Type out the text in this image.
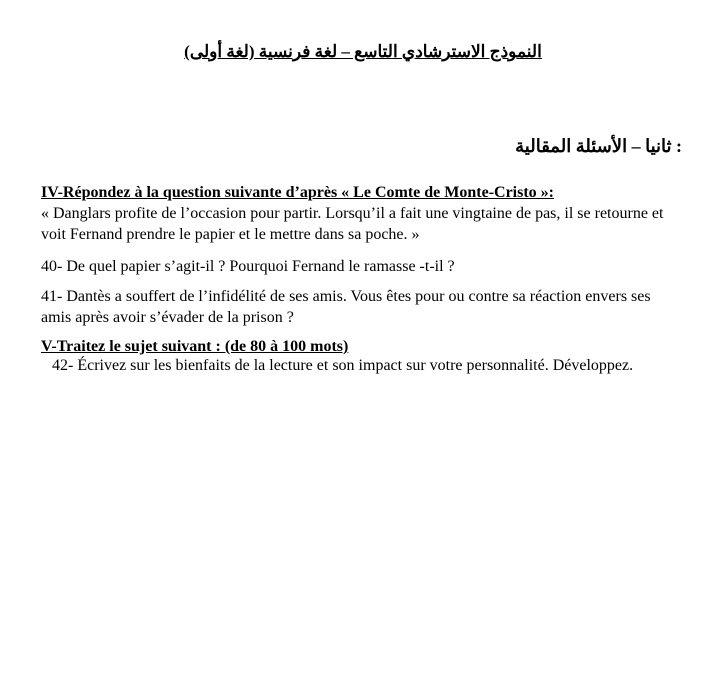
النموذج الاسترشادي التاسع – لغة فرنسية (لغة أولى)
: ثانيا – الأسئلة المقالية
IV-Répondez à la question suivante d’après « Le Comte de Monte-Cristo »:
« Danglars profite de l’occasion pour partir. Lorsqu’il a fait une vingtaine de pas, il se retourne et voit Fernand prendre le papier et le mettre dans sa poche. »
40- De quel papier s’agit-il ? Pourquoi Fernand le ramasse -t-il ?
41- Dantès a souffert de l’infidélité de ses amis. Vous êtes pour ou contre sa réaction envers ses amis après avoir s’évader de la prison ?
V-Traitez le sujet suivant : (de 80 à 100 mots)
42- Écrivez sur les bienfaits de la lecture et son impact sur votre personnalité. Développez.
